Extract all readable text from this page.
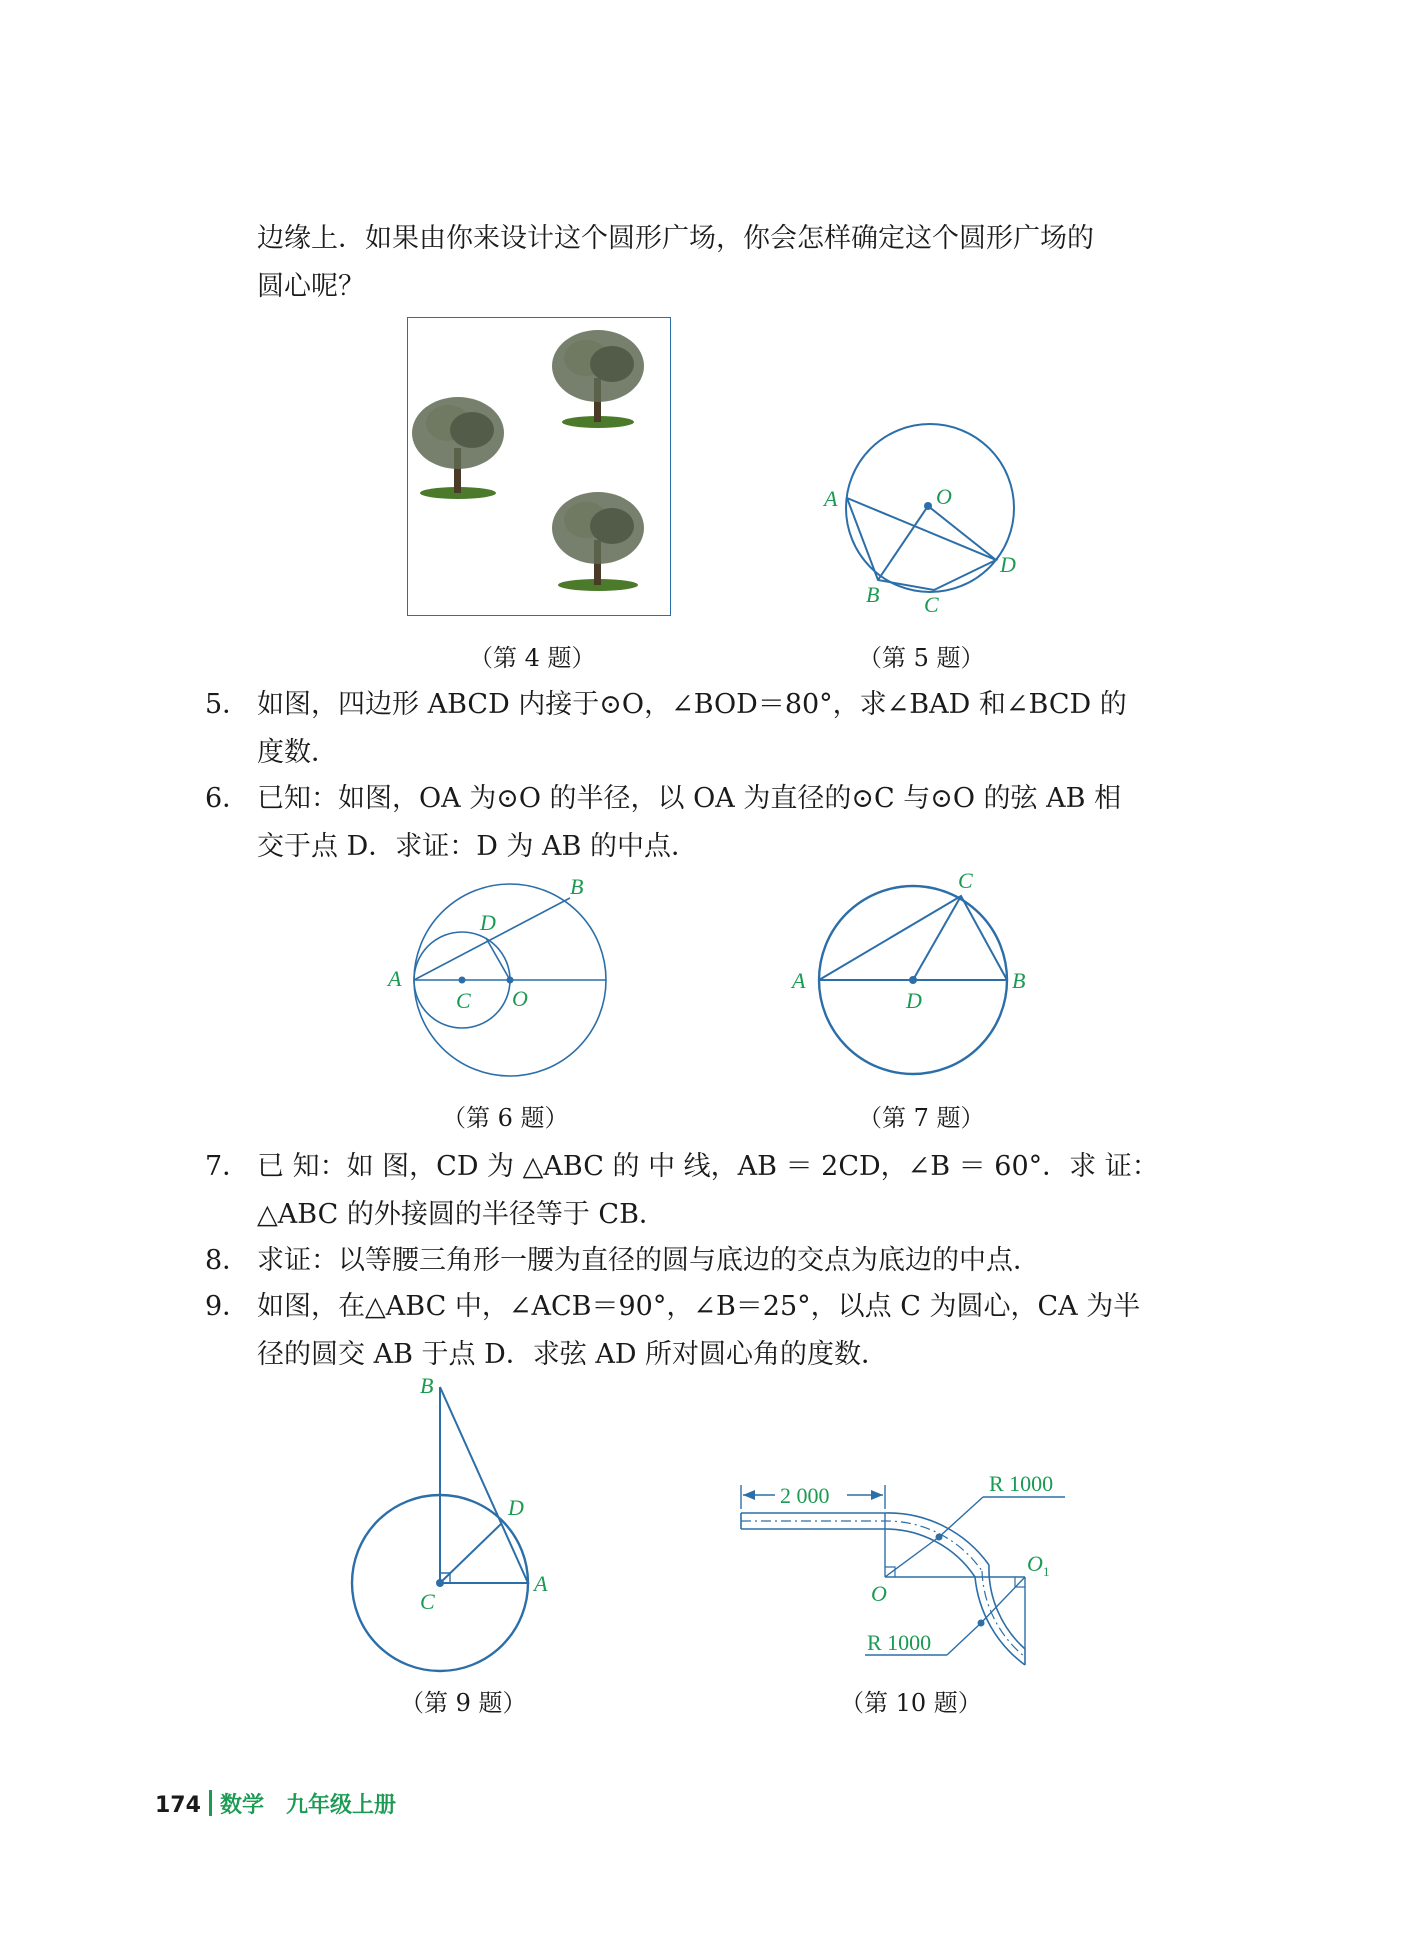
边缘上．如果由你来设计这个圆形广场，你会怎样确定这个圆形广场的
圆心呢？
A	O
B C
D
（第 4 题）	（第 5 题）
5． 如图，四边形 ABCD 内接于⊙O，∠BOD＝80°，求∠BAD 和∠BCD 的
度数．
6． 已知：如图，OA 为⊙O 的半径，以 OA 为直径的⊙C 与⊙O 的弦 AB 相
交于点 D．求证：D 为 AB 的中点．
B
D
A
C O
C
A
D
B
（第 6 题）	（第 7 题）
7． 已 知：如 图，CD 为 △ABC 的 中 线，AB ＝ 2CD，∠B ＝ 60°．求 证：
△ABC 的外接圆的半径等于 CB．
8． 求证：以等腰三角形一腰为直径的圆与底边的交点为底边的中点．
9． 如图，在△ABC 中，∠ACB＝90°，∠B＝25°，以点 C 为圆心，CA 为半
径的圆交 AB 于点 D．求弦 AD 所对圆心角的度数．
B
D
C
A
2 000	R 1000
O
O 1
R 1000
（第 9 题）	（第 10 题）
174 数学　九年级上册
